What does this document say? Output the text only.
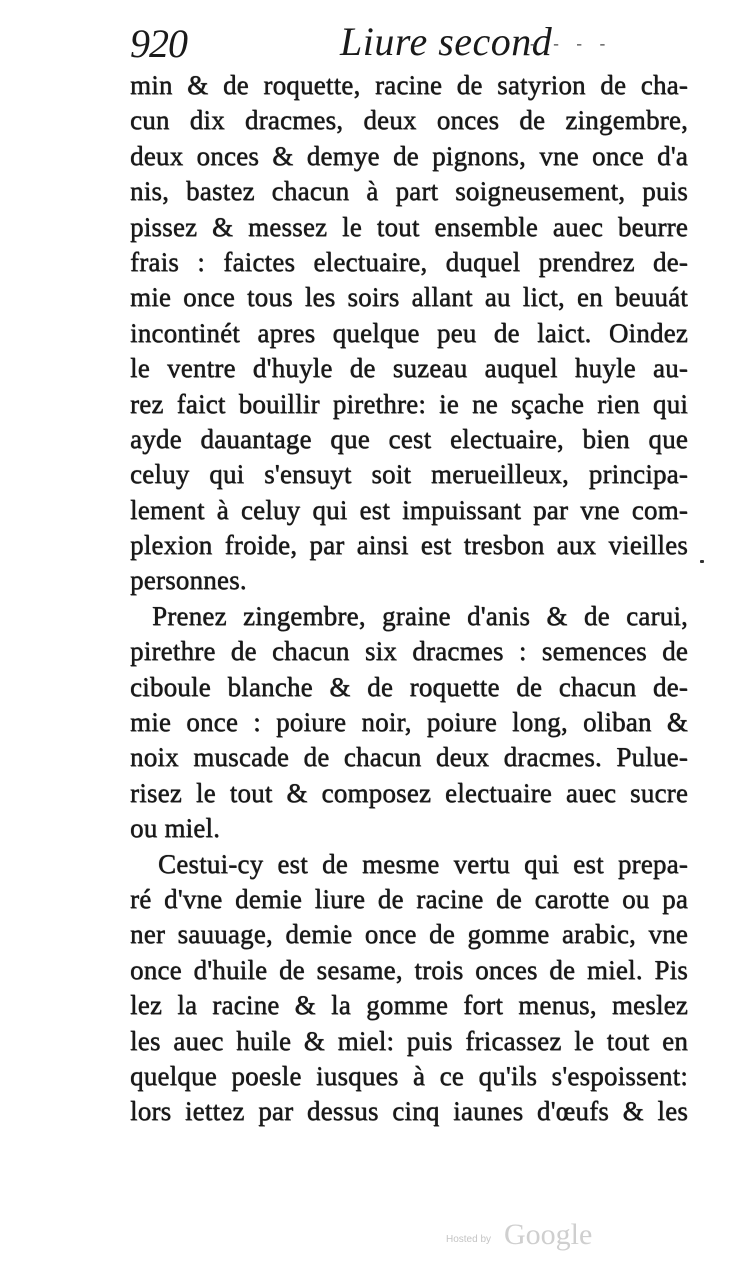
920	Liure second
- - - -
min & de roquette, racine de satyrion de cha-
cun dix dracmes, deux onces de zingembre,
deux onces & demye de pignons, vne once d'a
nis, bastez chacun à part soigneusement, puis
pissez & messez le tout ensemble auec beurre
frais : faictes electuaire, duquel prendrez de-
mie once tous les soirs allant au lict, en beuuát
incontinét apres quelque peu de laict. Oindez
le ventre d'huyle de suzeau auquel huyle au-
rez faict bouillir pirethre: ie ne sçache rien qui
ayde dauantage que cest electuaire, bien que
celuy qui s'ensuyt soit merueilleux, principa-
lement à celuy qui est impuissant par vne com-
plexion froide, par ainsi est tresbon aux vieilles
personnes.
Prenez zingembre, graine d'anis & de carui,
pirethre de chacun six dracmes : semences de
ciboule blanche & de roquette de chacun de-
mie once : poiure noir, poiure long, oliban &
noix muscade de chacun deux dracmes. Pulue-
risez le tout & composez electuaire auec sucre
ou miel.
Cestui-cy est de mesme vertu qui est prepa-
ré d'vne demie liure de racine de carotte ou pa
ner sauuage, demie once de gomme arabic, vne
once d'huile de sesame, trois onces de miel. Pis
lez la racine & la gomme fort menus, meslez
les auec huile & miel: puis fricassez le tout en
quelque poesle iusques à ce qu'ils s'espoissent:
lors iettez par dessus cinq iaunes d'œufs & les
Hosted by Google
